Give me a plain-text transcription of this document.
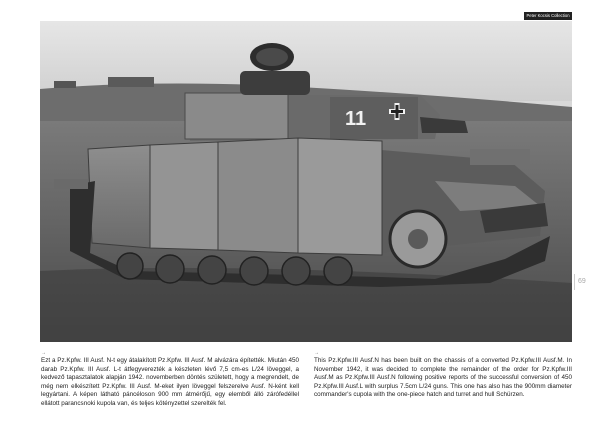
Peter Kocsis Collection
11
69
→
Ezt a Pz.Kpfw. III Ausf. N-t egy átalakított Pz.Kpfw. III Ausf. M alvázára építették. Miután 450 darab Pz.Kpfw. III Ausf. L-t átfegyverezték a készleten lévő 7,5 cm-es L/24 löveggel, a kedvező tapasztalatok alapján 1942. novemberben döntés született, hogy a megrendelt, de még nem elkészített Pz.Kpfw. III Ausf. M-eket ilyen löveggel felszerelve Ausf. N-ként kell legyártani. A képen látható páncéloson 900 mm átmérőjű, egy elemből álló zárófedéllel ellátott parancsnoki kupola van, és teljes kötényzettel szerelték fel.
→
This Pz.Kpfw.III Ausf.N has been built on the chassis of a converted Pz.Kpfw.III Ausf.M. In November 1942, it was decided to complete the remainder of the order for Pz.Kpfw.III Ausf.M as Pz.Kpfw.III Ausf.N following positive reports of the successful conversion of 450 Pz.Kpfw.III Ausf.L with surplus 7.5cm L/24 guns. This one has also has the 900mm diameter commander's cupola with the one-piece hatch and turret and hull Schürzen.
